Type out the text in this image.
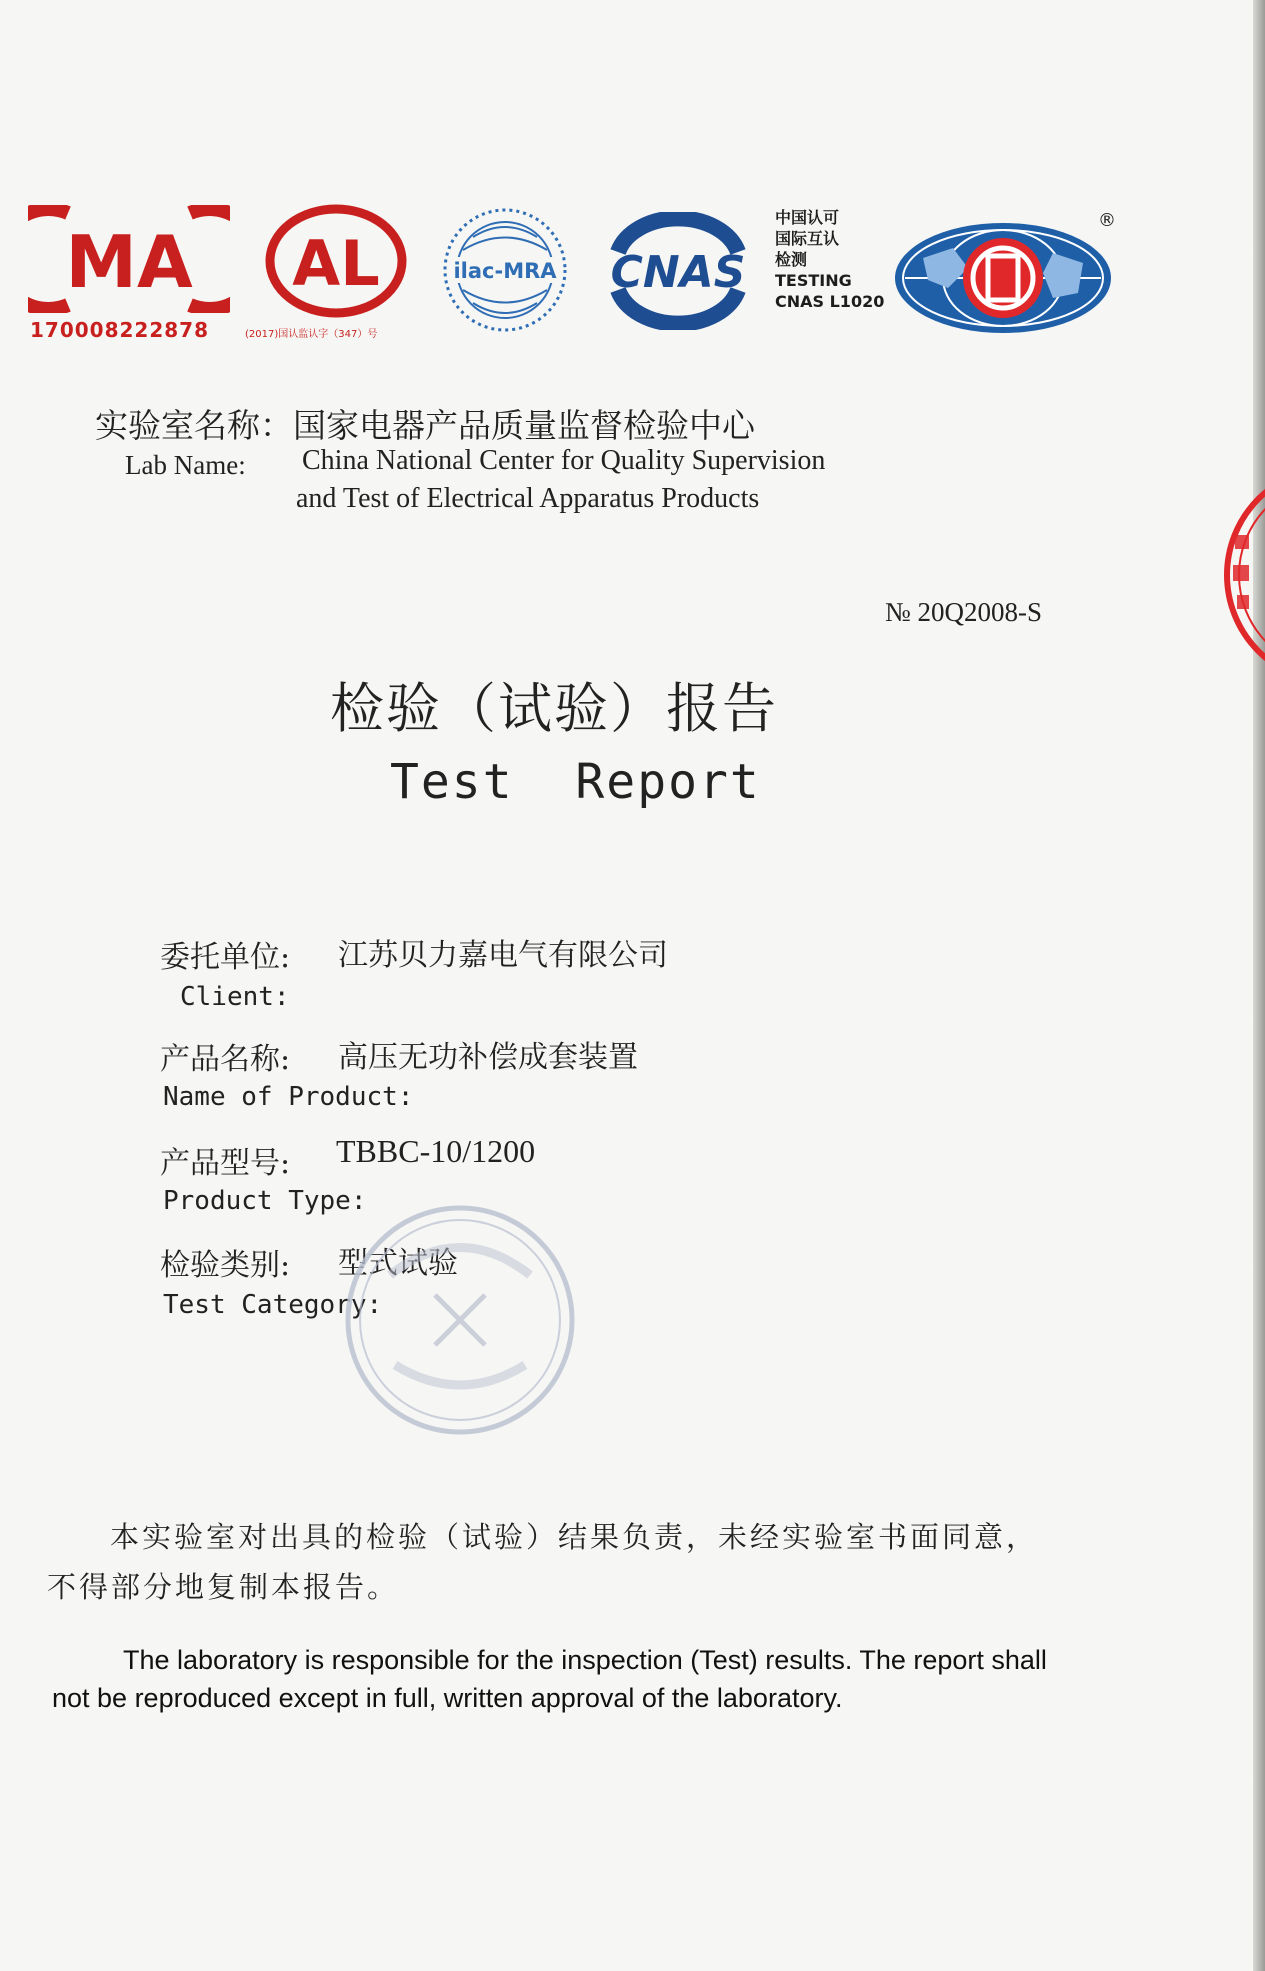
MA
170008222878
AL
(2017)国认监认字（347）号
ilac-MRA CNAS
中国认可
国际互认
检测
TESTING
CNAS L1020
®
实验室名称：国家电器产品质量监督检验中心
Lab Name: China National Center for Quality Supervision
and Test of Electrical Apparatus Products
№ 20Q2008-S
检验（试验）报告
Test  Report
委托单位: 江苏贝力嘉电气有限公司
Client:
产品名称: 高压无功补偿成套装置
Name of Product:
产品型号: TBBC-10/1200
Product Type:
检验类别: 型式试验
Test Category:
本实验室对出具的检验（试验）结果负责，未经实验室书面同意，
不得部分地复制本报告。
The laboratory is responsible for the inspection (Test) results. The report shall
not be reproduced except in full, written approval of the laboratory.
